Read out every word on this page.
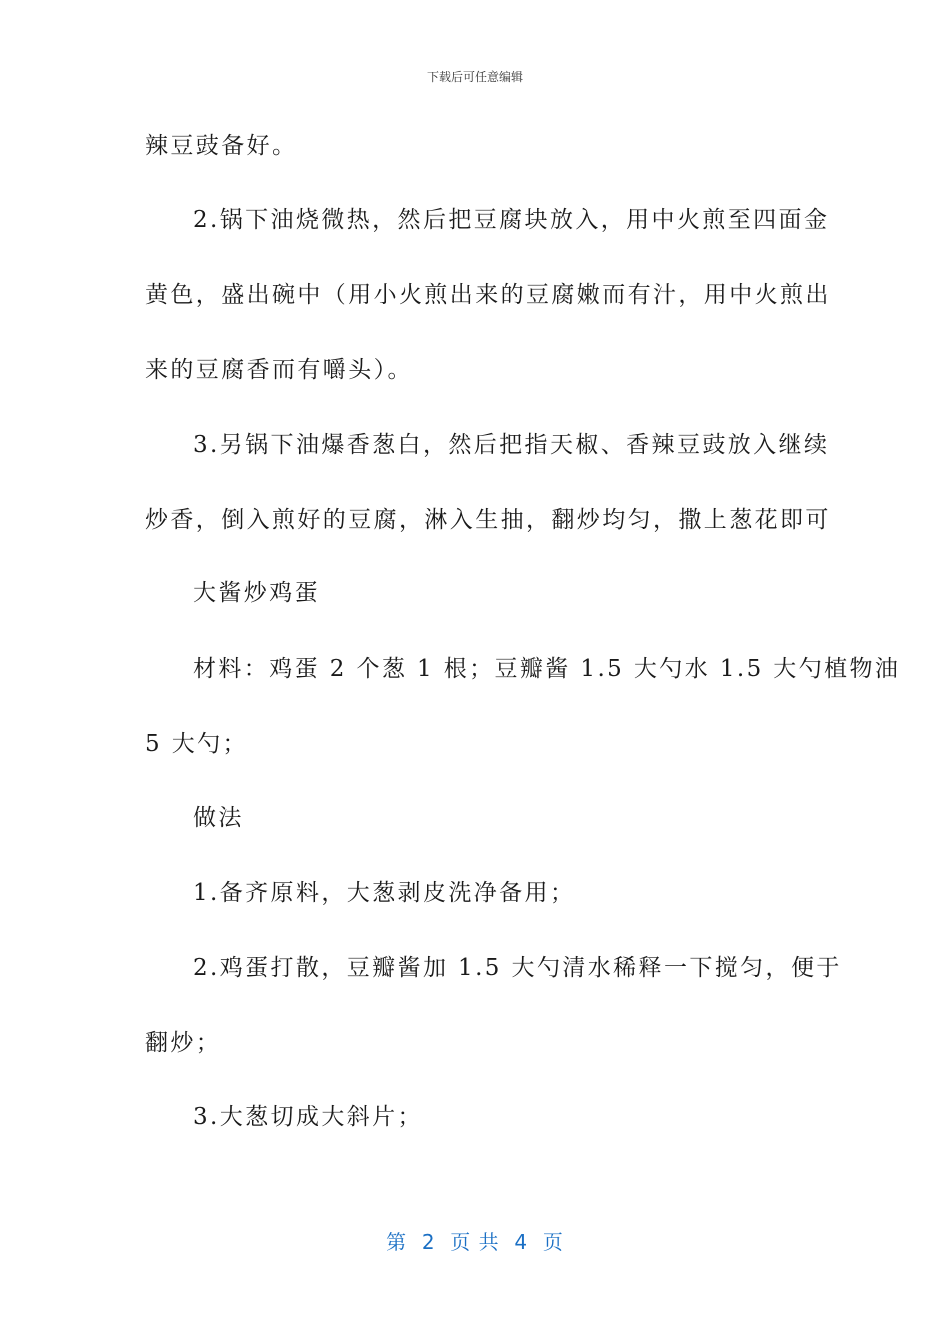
下载后可任意编辑
辣豆豉备好。
2.锅下油烧微热，然后把豆腐块放入，用中火煎至四面金
黄色，盛出碗中（用小火煎出来的豆腐嫩而有汁，用中火煎出
来的豆腐香而有嚼头）。
3.另锅下油爆香葱白，然后把指天椒、香辣豆豉放入继续
炒香，倒入煎好的豆腐，淋入生抽，翻炒均匀，撒上葱花即可
大酱炒鸡蛋
材料：鸡蛋 2 个葱 1 根；豆瓣酱 1.5 大勺水 1.5 大勺植物油
5 大勺；
做法
1.备齐原料，大葱剥皮洗净备用；
2.鸡蛋打散，豆瓣酱加 1.5 大勺清水稀释一下搅匀，便于
翻炒；
3.大葱切成大斜片；
第  2  页 共  4  页
